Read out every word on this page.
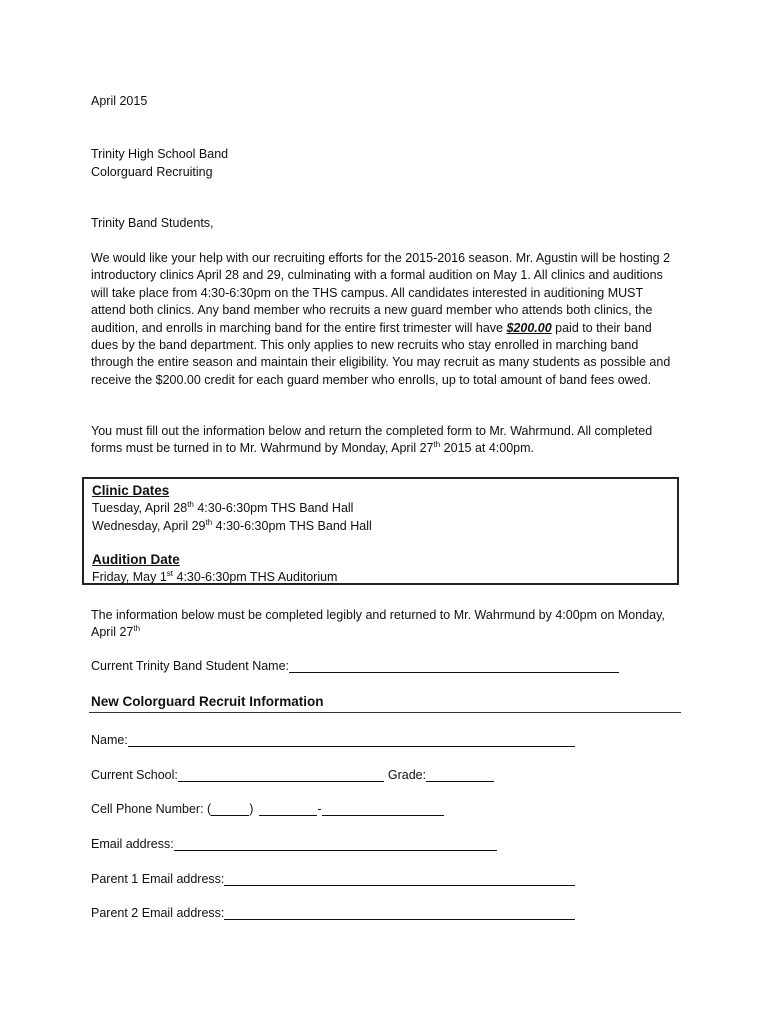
April 2015
Trinity High School Band
Colorguard Recruiting
Trinity Band Students,
We would like your help with our recruiting efforts for the 2015-2016 season. Mr. Agustin will be hosting 2 introductory clinics April 28 and 29, culminating with a formal audition on May 1. All clinics and auditions will take place from 4:30-6:30pm on the THS campus. All candidates interested in auditioning MUST attend both clinics. Any band member who recruits a new guard member who attends both clinics, the audition, and enrolls in marching band for the entire first trimester will have $200.00 paid to their band dues by the band department. This only applies to new recruits who stay enrolled in marching band through the entire season and maintain their eligibility. You may recruit as many students as possible and receive the $200.00 credit for each guard member who enrolls, up to total amount of band fees owed.
You must fill out the information below and return the completed form to Mr. Wahrmund. All completed forms must be turned in to Mr. Wahrmund by Monday, April 27th 2015 at 4:00pm.
The information below must be completed legibly and returned to Mr. Wahrmund by 4:00pm on Monday, April 27th
Clinic Dates
Tuesday, April 28th 4:30-6:30pm THS Band Hall
Wednesday, April 29th 4:30-6:30pm THS Band Hall
Audition Date
Friday, May 1st 4:30-6:30pm THS Auditorium
Current Trinity Band Student Name:
New Colorguard Recruit Information
Name:
Current School:	Grade:
Cell Phone Number: (	)	-
Email address:
Parent 1 Email address:
Parent 2 Email address:
